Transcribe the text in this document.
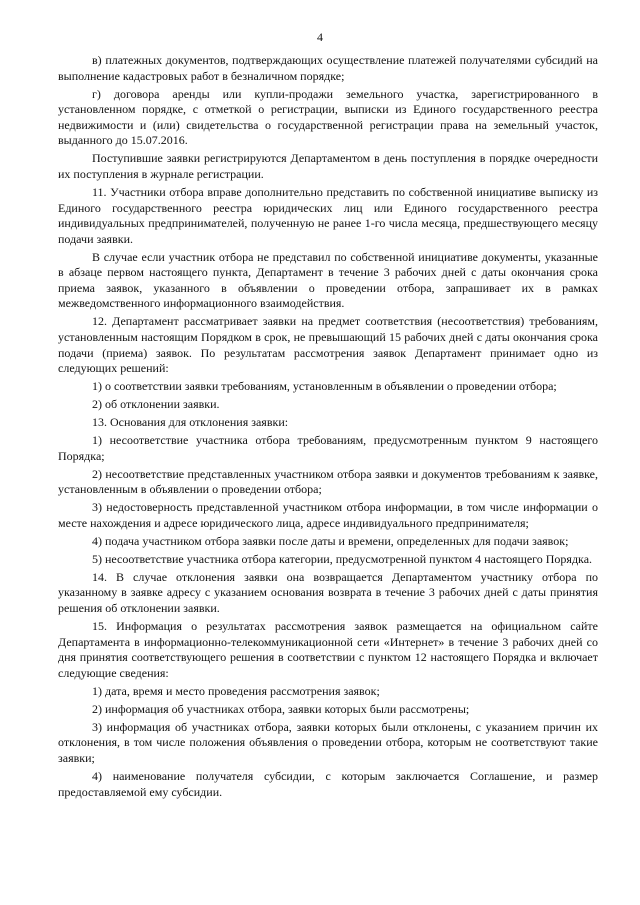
4

в) платежных документов, подтверждающих осуществление платежей получателями субсидий на выполнение кадастровых работ в безналичном порядке;

г) договора аренды или купли-продажи земельного участка, зарегистрированного в установленном порядке, с отметкой о регистрации, выписки из Единого государственного реестра недвижимости и (или) свидетельства о государственной регистрации права на земельный участок, выданного до 15.07.2016.

Поступившие заявки регистрируются Департаментом в день поступления в порядке очередности их поступления в журнале регистрации.

11. Участники отбора вправе дополнительно представить по собственной инициативе выписку из Единого государственного реестра юридических лиц или Единого государственного реестра индивидуальных предпринимателей, полученную не ранее 1-го числа месяца, предшествующего месяцу подачи заявки.

В случае если участник отбора не представил по собственной инициативе документы, указанные в абзаце первом настоящего пункта, Департамент в течение 3 рабочих дней с даты окончания срока приема заявок, указанного в объявлении о проведении отбора, запрашивает их в рамках межведомственного информационного взаимодействия.

12. Департамент рассматривает заявки на предмет соответствия (несоответствия) требованиям, установленным настоящим Порядком в срок, не превышающий 15 рабочих дней с даты окончания срока подачи (приема) заявок. По результатам рассмотрения заявок Департамент принимает одно из следующих решений:

1) о соответствии заявки требованиям, установленным в объявлении о проведении отбора;

2) об отклонении заявки.

13. Основания для отклонения заявки:

1) несоответствие участника отбора требованиям, предусмотренным пунктом 9 настоящего Порядка;

2) несоответствие представленных участником отбора заявки и документов требованиям к заявке, установленным в объявлении о проведении отбора;

3) недостоверность представленной участником отбора информации, в том числе информации о месте нахождения и адресе юридического лица, адресе индивидуального предпринимателя;

4) подача участником отбора заявки после даты и времени, определенных для подачи заявок;

5) несоответствие участника отбора категории, предусмотренной пунктом 4 настоящего Порядка.

14. В случае отклонения заявки она возвращается Департаментом участнику отбора по указанному в заявке адресу с указанием основания возврата в течение 3 рабочих дней с даты принятия решения об отклонении заявки.

15. Информация о результатах рассмотрения заявок размещается на официальном сайте Департамента в информационно-телекоммуникационной сети «Интернет» в течение 3 рабочих дней со дня принятия соответствующего решения в соответствии с пунктом 12 настоящего Порядка и включает следующие сведения:

1) дата, время и место проведения рассмотрения заявок;

2) информация об участниках отбора, заявки которых были рассмотрены;

3) информация об участниках отбора, заявки которых были отклонены, с указанием причин их отклонения, в том числе положения объявления о проведении отбора, которым не соответствуют такие заявки;

4) наименование получателя субсидии, с которым заключается Соглашение, и размер предоставляемой ему субсидии.
